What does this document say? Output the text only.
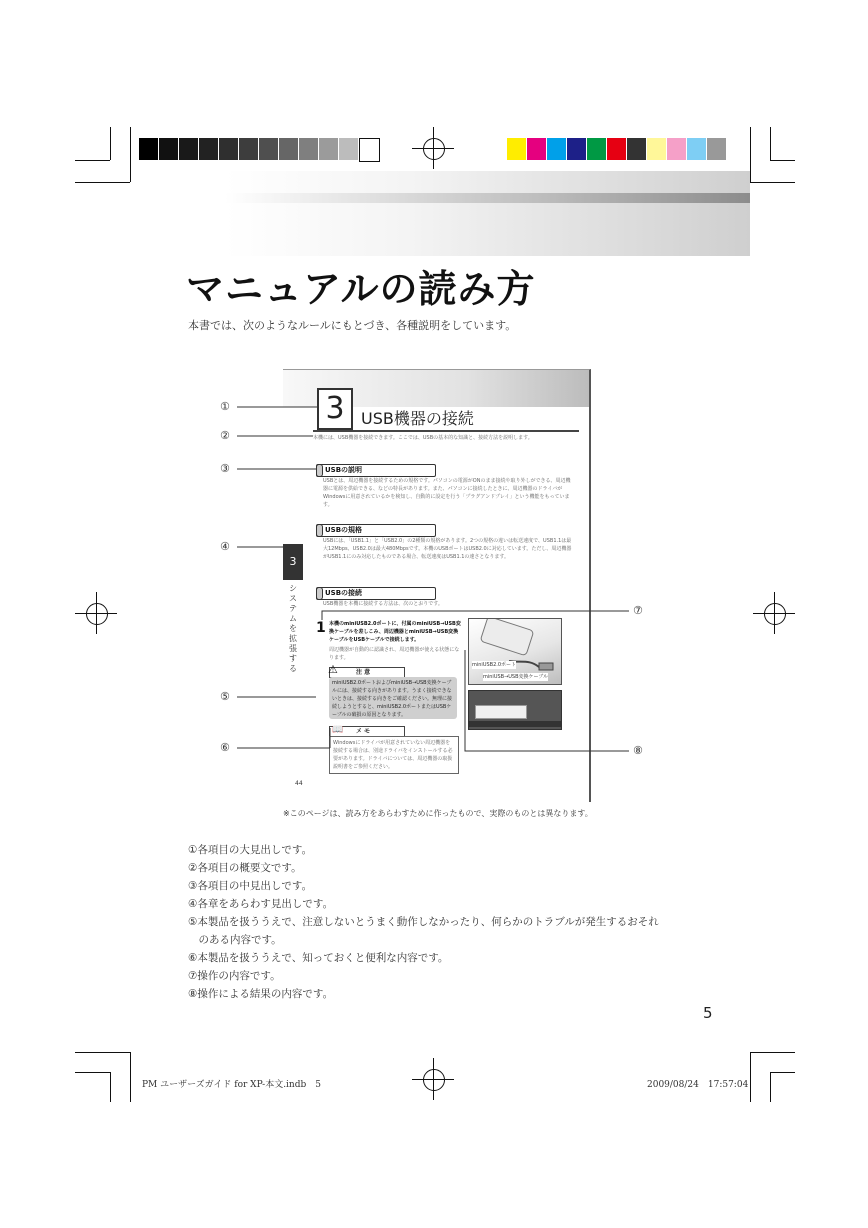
マニュアルの読み方
本書では、次のようなルールにもとづき、各種説明をしています。
3	USB機器の接続
本機には、USB機器を接続できます。ここでは、USBの基本的な知識と、接続方法を説明します。
USBの説明
USBとは、周辺機器を接続するための規格です。パソコンの電源がONのまま接続や取り外しができる、周辺機器に電源を供給できる、などの特長があります。また、パソコンに接続したときに、周辺機器のドライバがWindowsに用意されているかを検知し、自動的に設定を行う「プラグアンドプレイ」という機能をもっています。
USBの規格
USBには、「USB1.1」と「USB2.0」の2種類の規格があります。2つの規格の違いは転送速度で、USB1.1は最大12Mbps、USB2.0は最大480Mbpsです。本機のUSBポートはUSB2.0に対応しています。ただし、周辺機器がUSB1.1にのみ対応したものである場合、転送速度はUSB1.1の速さとなります。
3
システムを拡張する
USBの接続
USB機器を本機に接続する方法は、次のとおりです。
1 本機のminiUSB2.0ポートに、付属のminiUSB→USB変換ケーブルを差しこみ、周辺機器とminiUSB→USB変換ケーブルをUSBケーブルで接続します。
周辺機器が自動的に認識され、周辺機器が使える状態になります。
⚠	注 意
miniUSB2.0ポートおよびminiUSB→USB変換ケーブルには、接続する向きがあります。うまく接続できないときは、接続する向きをご確認ください。無理に接続しようとすると、miniUSB2.0ポートまたはUSBケーブルの破損の原因となります。
📖 メ モ
Windowsにドライバが用意されていない周辺機器を接続する場合は、別途ドライバをインストールする必要があります。ドライバについては、周辺機器の取扱説明書をご参照ください。
miniUSB2.0ポート
miniUSB→USB変換ケーブル
44
①
②
③
④
⑤
⑥
⑦
⑧
※このページは、読み方をあらわすために作ったもので、実際のものとは異なります。
①各項目の大見出しです。
②各項目の概要文です。
③各項目の中見出しです。
④各章をあらわす見出しです。
⑤本製品を扱ううえで、注意しないとうまく動作しなかったり、何らかのトラブルが発生するおそれ
　のある内容です。
⑥本製品を扱ううえで、知っておくと便利な内容です。
⑦操作の内容です。
⑧操作による結果の内容です。
5
PM ユーザーズガイド for XP-本文.indb　5	2009/08/24　17:57:04
